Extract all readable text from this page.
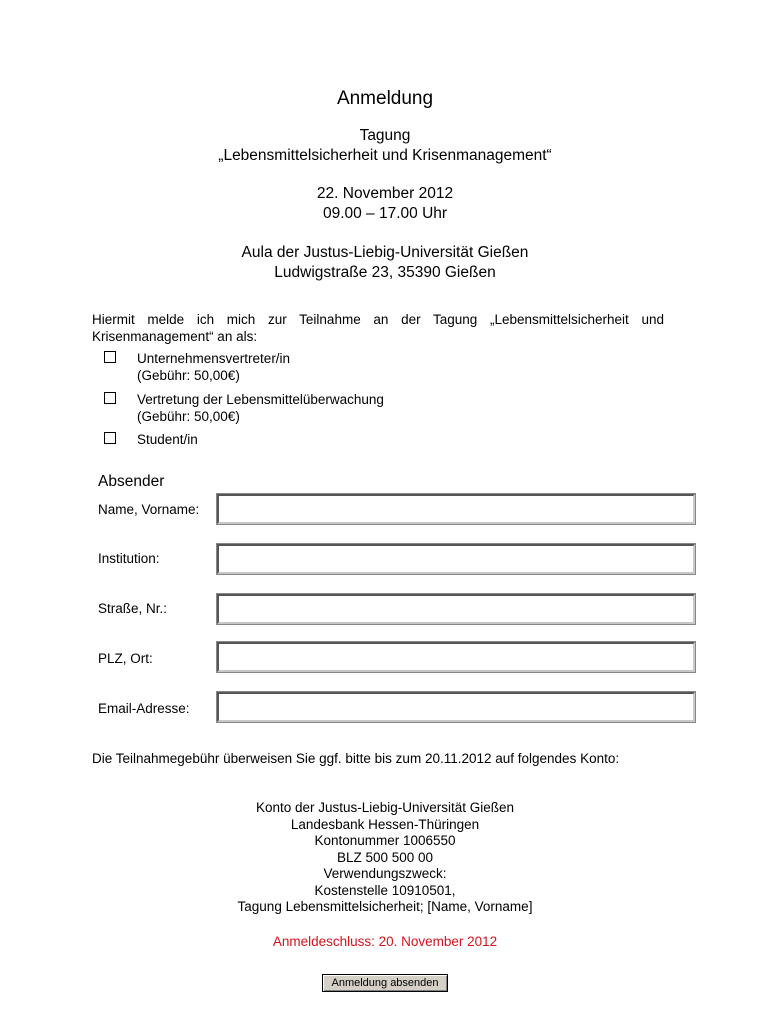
Anmeldung
Tagung
„Lebensmittelsicherheit und Krisenmanagement“
22. November 2012
09.00 – 17.00 Uhr
Aula der Justus-Liebig-Universität Gießen
Ludwigstraße 23, 35390 Gießen
Hiermit melde ich mich zur Teilnahme an der Tagung „Lebensmittelsicherheit und Krisenmanagement“ an als:
Unternehmensvertreter/in
(Gebühr: 50,00€)
Vertretung der Lebensmittelüberwachung
(Gebühr: 50,00€)
Student/in
Absender
Name, Vorname:
Institution:
Straße, Nr.:
PLZ, Ort:
Email-Adresse:
Die Teilnahmegebühr überweisen Sie ggf. bitte bis zum 20.11.2012 auf folgendes Konto:
Konto der Justus-Liebig-Universität Gießen
Landesbank Hessen-Thüringen
Kontonummer 1006550
BLZ 500 500 00
Verwendungszweck:
Kostenstelle 10910501,
Tagung Lebensmittelsicherheit; [Name, Vorname]
Anmeldeschluss: 20. November 2012
Anmeldung absenden
